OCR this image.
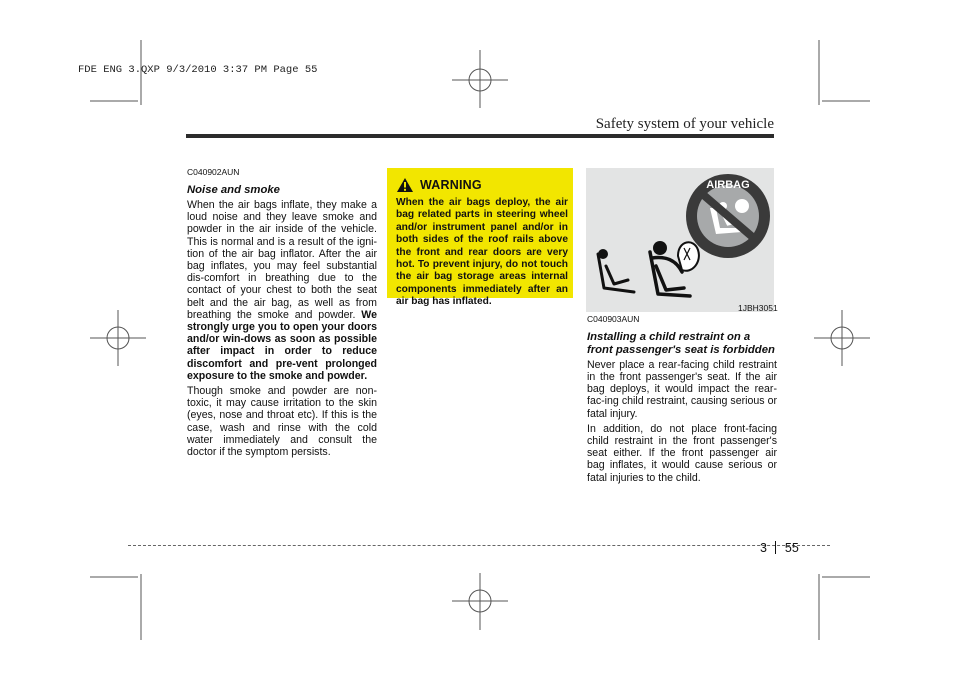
FDE ENG 3.QXP 9/3/2010 3:37 PM Page 55
Safety system of your vehicle

C040902AUN

Noise and smoke

When the air bags inflate, they make a loud noise and they leave smoke and powder in the air inside of the vehicle. This is normal and is a result of the igni-tion of the air bag inflator. After the air bag inflates, you may feel substantial dis-comfort in breathing due to the contact of your chest to both the seat belt and the air bag, as well as from breathing the smoke and powder. We strongly urge you to open your doors and/or win-dows as soon as possible after impact in order to reduce discomfort and pre-vent prolonged exposure to the smoke and powder.

Though smoke and powder are non-toxic, it may cause irritation to the skin (eyes, nose and throat etc). If this is the case, wash and rinse with the cold water immediately and consult the doctor if the symptom persists.

WARNING
When the air bags deploy, the air bag related parts in steering wheel and/or instrument panel and/or in both sides of the roof rails above the front and rear doors are very hot. To prevent injury, do not touch the air bag storage areas internal components immediately after an air bag has inflated.
AIRBAG
1JBH3051

C040903AUN

Installing a child restraint on a front passenger's seat is forbidden

Never place a rear-facing child restraint in the front passenger's seat. If the air bag deploys, it would impact the rear-fac-ing child restraint, causing serious or fatal injury.

In addition, do not place front-facing child restraint in the front passenger's seat either. If the front passenger air bag inflates, it would cause serious or fatal injuries to the child.

3 55
